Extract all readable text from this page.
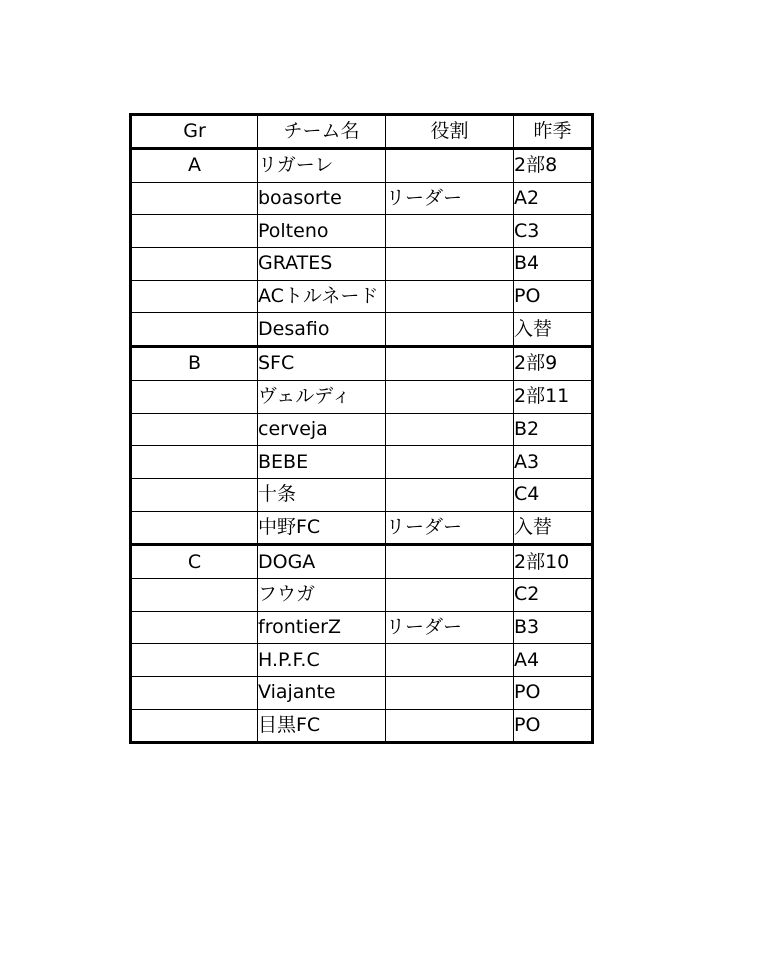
Gr	チーム名	役割	昨季
A	リガーレ		2部8
	boasorte	リーダー	A2
	Polteno		C3
	GRATES		B4
	ACトルネード		PO
	Desafio		入替
B	SFC		2部9
	ヴェルディ		2部11
	cerveja		B2
	BEBE		A3
	十条		C4
	中野FC	リーダー	入替
C	DOGA		2部10
	フウガ		C2
	frontierZ	リーダー	B3
	H.P.F.C		A4
	Viajante		PO
	目黒FC		PO
